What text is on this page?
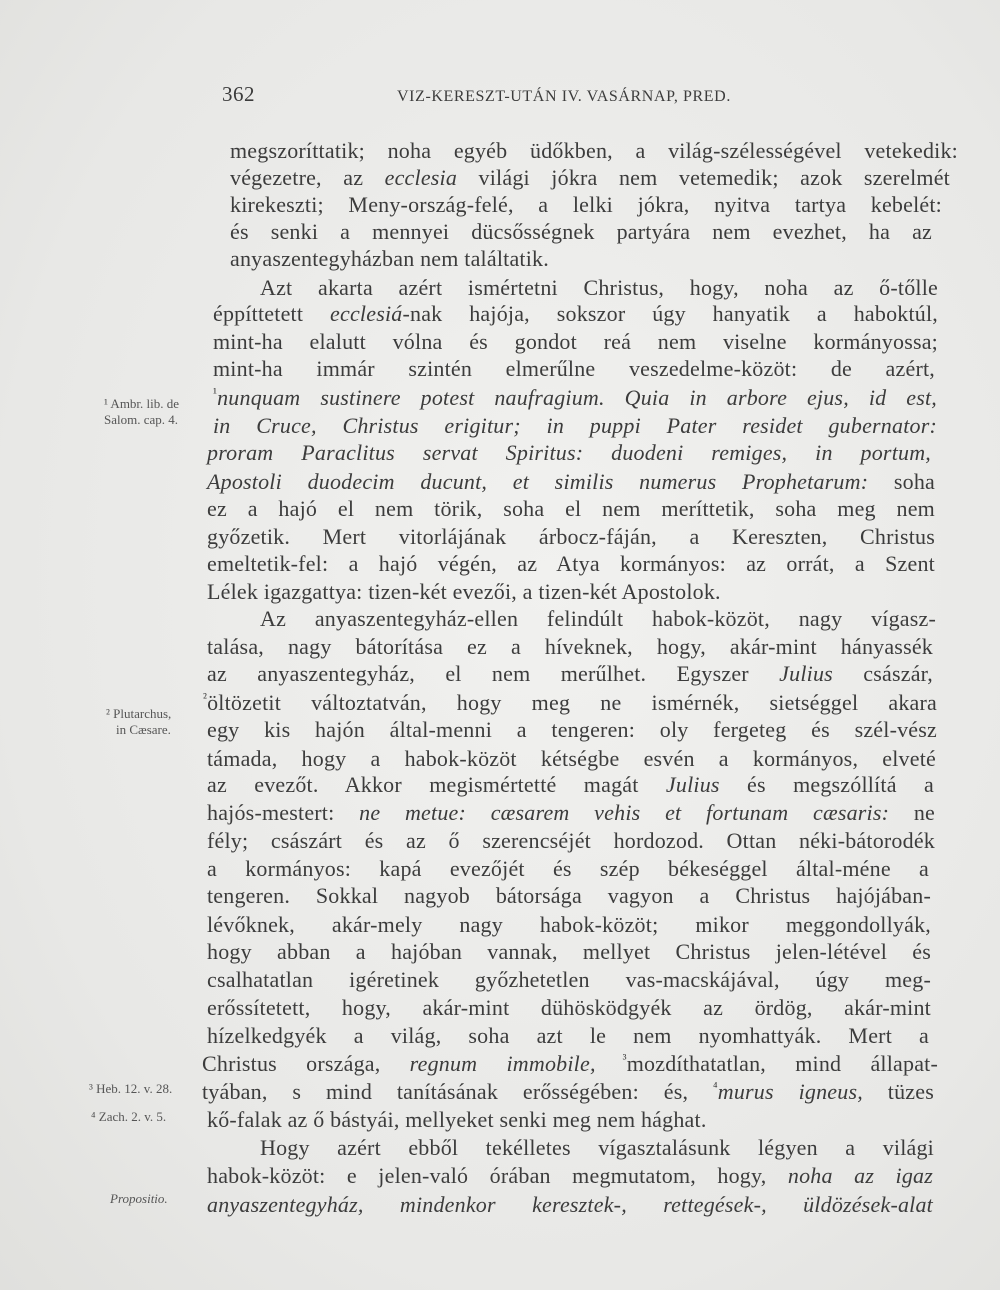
362	VIZ-KERESZT-UTÁN IV. VASÁRNAP, PRED.
megszoríttatik; noha egyéb üdőkben, a világ-szélességével vetekedik:
végezetre, az ecclesia világi jókra nem vetemedik; azok szerelmét
kirekeszti; Meny-ország-felé, a lelki jókra, nyitva tartya kebelét:
és senki a mennyei dücsősségnek partyára nem evezhet, ha az
anyaszentegyházban nem találtatik.
Azt akarta azért ismértetni Christus, hogy, noha az ő-tőlle
éppíttetett ecclesiá-nak hajója, sokszor úgy hanyatik a haboktúl,
mint-ha elalutt vólna és gondot reá nem viselne kormányossa;
mint-ha immár szintén elmerűlne veszedelme-közöt: de azért,
$^{^1}$nunquam sustinere potest naufragium. Quia in arbore ejus, id est,
in Cruce, Christus erigitur; in puppi Pater residet gubernator:
proram Paraclitus servat Spiritus: duodeni remiges, in portum,
Apostoli duodecim ducunt, et similis numerus Prophetarum: soha
ez a hajó el nem törik, soha el nem meríttetik, soha meg nem
győzetik. Mert vitorlájának árbocz-fáján, a Kereszten, Christus
emeltetik-fel: a hajó végén, az Atya kormányos: az orrát, a Szent
Lélek igazgattya: tizen-két evezői, a tizen-két Apostolok.
Az anyaszentegyház-ellen felindúlt habok-közöt, nagy vígasz-
talása, nagy bátorítása ez a híveknek, hogy, akár-mint hányassék
az anyaszentegyház, el nem merűlhet. Egyszer Julius császár,
$^{^2}$öltözetit változtatván, hogy meg ne ismérnék, sietséggel akara
egy kis hajón által-menni a tengeren: oly fergeteg és szél-vész
támada, hogy a habok-közöt kétségbe esvén a kormányos, elveté
az evezőt. Akkor megismértetté magát Julius és megszóllítá a
hajós-mestert: ne metue: cæsarem vehis et fortunam cæsaris: ne
fély; császárt és az ő szerencséjét hordozod. Ottan néki-bátorodék
a kormányos: kapá evezőjét és szép békeséggel által-méne a
tengeren. Sokkal nagyob bátorsága vagyon a Christus hajójában-
lévőknek, akár-mely nagy habok-közöt; mikor meggondollyák,
hogy abban a hajóban vannak, mellyet Christus jelen-létével és
csalhatatlan igéretinek győzhetetlen vas-macskájával, úgy meg-
erőssítetett, hogy, akár-mint dühösködgyék az ördög, akár-mint
hízelkedgyék a világ, soha azt le nem nyomhattyák. Mert a
Christus országa, regnum immobile, $^{^3}$mozdíthatatlan, mind állapat-
tyában, s mind tanításának erősségében: és, $^{^4}$murus igneus, tüzes
kő-falak az ő bástyái, mellyeket senki meg nem hághat.
Hogy azért ebből tekélletes vígasztalásunk légyen a világi
habok-közöt: e jelen-való órában megmutatom, hogy, noha az igaz
anyaszentegyház, mindenkor keresztek-, rettegések-, üldözések-alat
¹ Ambr. lib. de
Salom. cap. 4.
² Plutarchus,
in Cæsare.
³ Heb. 12. v. 28.
⁴ Zach. 2. v. 5.
Propositio.
